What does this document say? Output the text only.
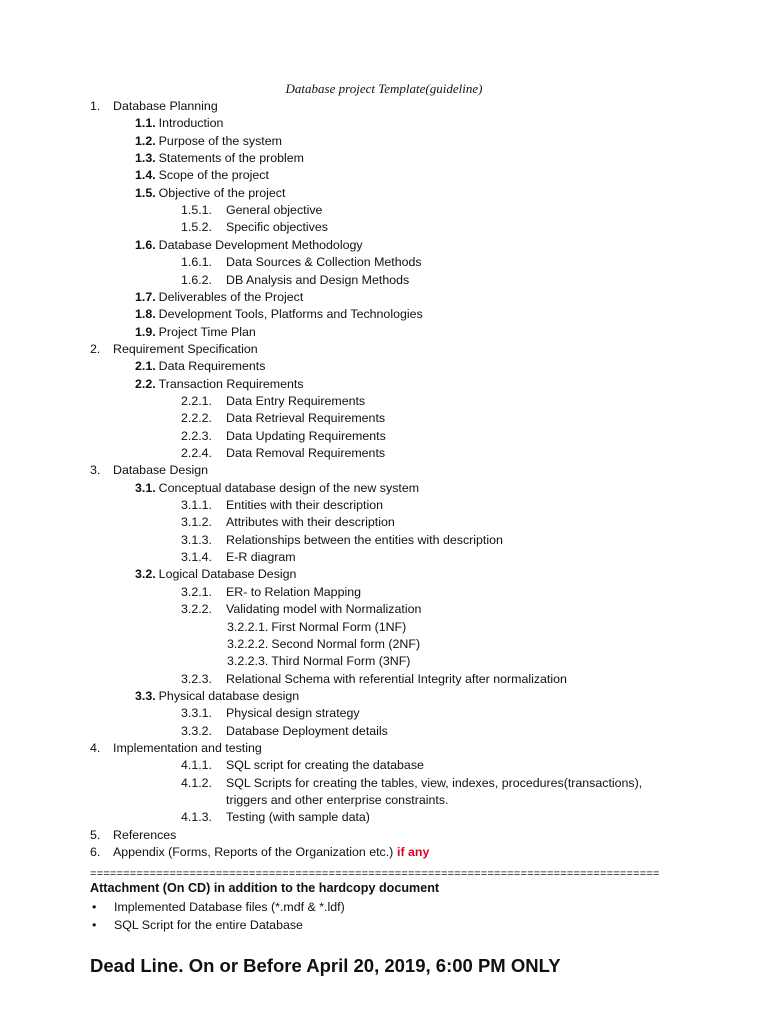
Database project Template(guideline)
1. Database Planning
1.1. Introduction
1.2. Purpose of the system
1.3. Statements of the problem
1.4. Scope of the project
1.5. Objective of the project
1.5.1. General objective
1.5.2. Specific objectives
1.6. Database Development Methodology
1.6.1. Data Sources & Collection Methods
1.6.2. DB Analysis and Design Methods
1.7. Deliverables of the Project
1.8. Development Tools, Platforms and Technologies
1.9. Project Time Plan
2. Requirement Specification
2.1. Data Requirements
2.2. Transaction Requirements
2.2.1. Data Entry Requirements
2.2.2. Data Retrieval Requirements
2.2.3. Data Updating Requirements
2.2.4. Data Removal Requirements
3. Database Design
3.1. Conceptual database design of the new system
3.1.1. Entities with their description
3.1.2. Attributes with their description
3.1.3. Relationships between the entities with description
3.1.4. E-R diagram
3.2. Logical Database Design
3.2.1. ER- to Relation Mapping
3.2.2. Validating model with Normalization
3.2.2.1. First Normal Form (1NF)
3.2.2.2. Second Normal form (2NF)
3.2.2.3. Third Normal Form (3NF)
3.2.3. Relational Schema with referential Integrity after normalization
3.3. Physical database design
3.3.1. Physical design strategy
3.3.2. Database Deployment details
4. Implementation and testing
4.1.1. SQL script for creating the database
4.1.2. SQL Scripts for creating the tables, view, indexes, procedures(transactions),
triggers and other enterprise constraints.
4.1.3. Testing (with sample data)
5. References
6. Appendix (Forms, Reports of the Organization etc.) if any
======================================================================================
Attachment (On CD) in addition to the hardcopy document
• Implemented Database files (*.mdf & *.ldf)
• SQL Script for the entire Database
Dead Line. On or Before April 20, 2019, 6:00 PM ONLY
